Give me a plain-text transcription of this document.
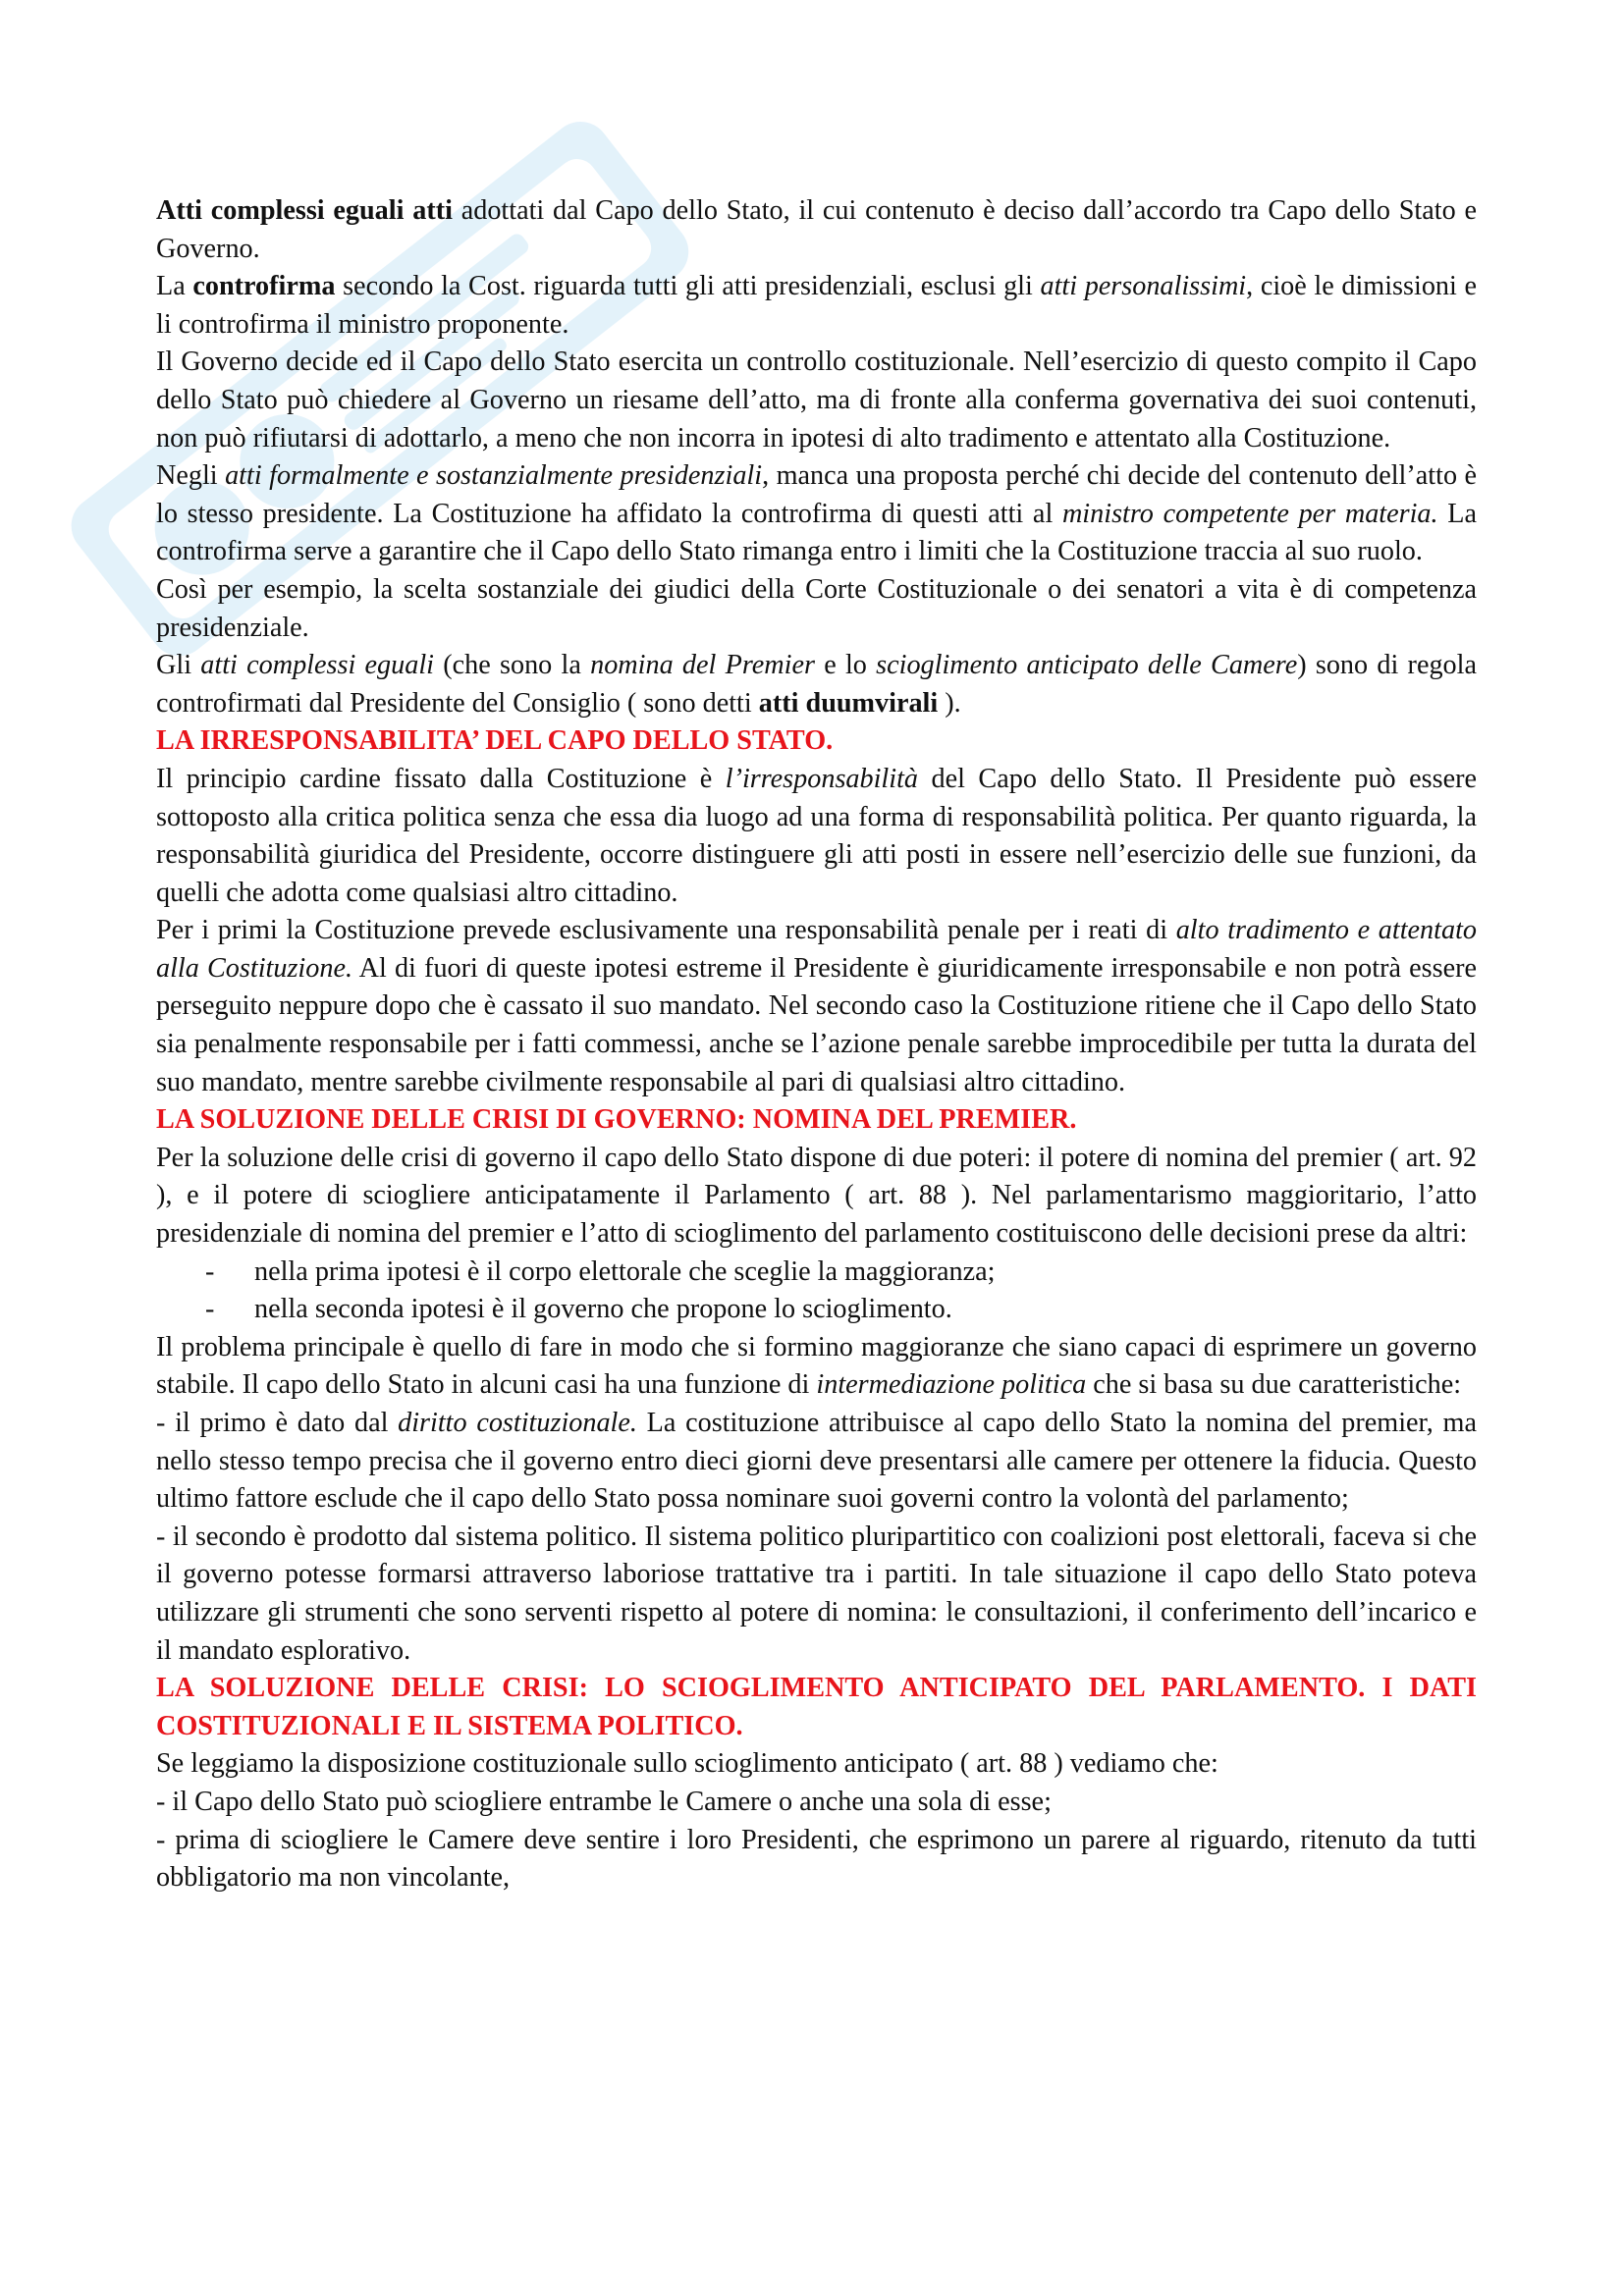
Atti complessi eguali atti adottati dal Capo dello Stato, il cui contenuto è deciso dall’accordo tra Capo dello Stato e Governo.

La controfirma secondo la Cost. riguarda tutti gli atti presidenziali, esclusi gli atti personalissimi, cioè le dimissioni e li controfirma il ministro proponente.

Il Governo decide ed il Capo dello Stato esercita un controllo costituzionale. Nell’esercizio di questo compito il Capo dello Stato può chiedere al Governo un riesame dell’atto, ma di fronte alla conferma governativa dei suoi contenuti, non può rifiutarsi di adottarlo, a meno che non incorra in ipotesi di alto tradimento e attentato alla Costituzione.

Negli atti formalmente e sostanzialmente presidenziali, manca una proposta perché chi decide del contenuto dell’atto è lo stesso presidente. La Costituzione ha affidato la controfirma di questi atti al ministro competente per materia. La controfirma serve a garantire che il Capo dello Stato rimanga entro i limiti che la Costituzione traccia al suo ruolo.

Così per esempio, la scelta sostanziale dei giudici della Corte Costituzionale o dei senatori a vita è di competenza presidenziale.

Gli atti complessi eguali (che sono la nomina del Premier e lo scioglimento anticipato delle Camere) sono di regola controfirmati dal Presidente del Consiglio ( sono detti atti duumvirali ).

LA IRRESPONSABILITA’ DEL CAPO DELLO STATO.

Il principio cardine fissato dalla Costituzione è l’irresponsabilità del Capo dello Stato. Il Presidente può essere sottoposto alla critica politica senza che essa dia luogo ad una forma di responsabilità politica. Per quanto riguarda, la responsabilità giuridica del Presidente, occorre distinguere gli atti posti in essere nell’esercizio delle sue funzioni, da quelli che adotta come qualsiasi altro cittadino.

Per i primi la Costituzione prevede esclusivamente una responsabilità penale per i reati di alto tradimento e attentato alla Costituzione. Al di fuori di queste ipotesi estreme il Presidente è giuridicamente irresponsabile e non potrà essere perseguito neppure dopo che è cassato il suo mandato. Nel secondo caso la Costituzione ritiene che il Capo dello Stato sia penalmente responsabile per i fatti commessi, anche se l’azione penale sarebbe improcedibile per tutta la durata del suo mandato, mentre sarebbe civilmente responsabile al pari di qualsiasi altro cittadino.

LA SOLUZIONE DELLE CRISI DI GOVERNO: NOMINA DEL PREMIER.

Per la soluzione delle crisi di governo il capo dello Stato dispone di due poteri: il potere di nomina del premier ( art. 92 ), e il potere di sciogliere anticipatamente il Parlamento ( art. 88 ). Nel parlamentarismo maggioritario, l’atto presidenziale di nomina del premier e l’atto di scioglimento del parlamento costituiscono delle decisioni prese da altri:

-	nella prima ipotesi è il corpo elettorale che sceglie la maggioranza;
-	nella seconda ipotesi è il governo che propone lo scioglimento.

Il problema principale è quello di fare in modo che si formino maggioranze che siano capaci di esprimere un governo stabile. Il capo dello Stato in alcuni casi ha una funzione di intermediazione politica che si basa su due caratteristiche:

- il primo è dato dal diritto costituzionale. La costituzione attribuisce al capo dello Stato la nomina del premier, ma nello stesso tempo precisa che il governo entro dieci giorni deve presentarsi alle camere per ottenere la fiducia. Questo ultimo fattore esclude che il capo dello Stato possa nominare suoi governi contro la volontà del parlamento;

- il secondo è prodotto dal sistema politico. Il sistema politico pluripartitico con coalizioni post elettorali, faceva si che il governo potesse formarsi attraverso laboriose trattative tra i partiti. In tale situazione il capo dello Stato poteva utilizzare gli strumenti che sono serventi rispetto al potere di nomina: le consultazioni, il conferimento dell’incarico e il mandato esplorativo.

LA SOLUZIONE DELLE CRISI: LO SCIOGLIMENTO ANTICIPATO DEL PARLAMENTO. I DATI COSTITUZIONALI E IL SISTEMA POLITICO.

Se leggiamo la disposizione costituzionale sullo scioglimento anticipato ( art. 88 ) vediamo che:

- il Capo dello Stato può sciogliere entrambe le Camere o anche una sola di esse;

- prima di sciogliere le Camere deve sentire i loro Presidenti, che esprimono un parere al riguardo, ritenuto da tutti obbligatorio ma non vincolante,
